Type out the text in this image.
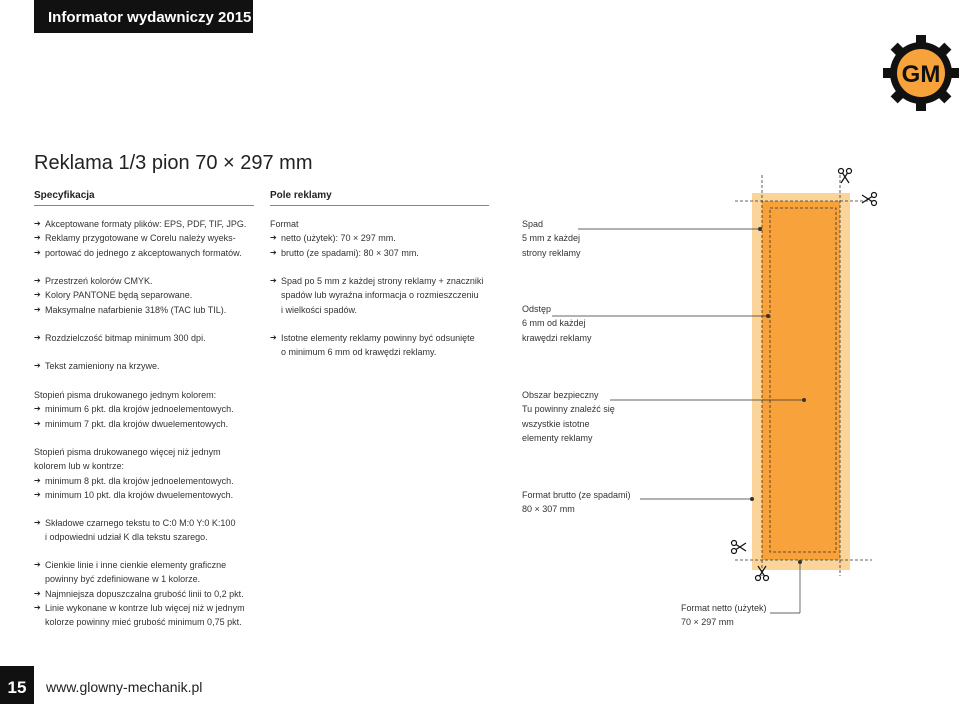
Informator wydawniczy 2015
GM
Reklama 1/3 pion 70 × 297 mm
Specyfikacja	Pole reklamy
➔ Akceptowane formaty plików: EPS, PDF, TIF, JPG.
➔ Reklamy przygotowane w Corelu należy wyeks-
portować do jednego z akceptowanych formatów.
➔ Przestrzeń kolorów CMYK.
➔ Kolory PANTONE będą separowane.
➔ Maksymalne nafarbienie 318% (TAC lub TIL).
➔ Rozdzielczość bitmap minimum 300 dpi.
➔ Tekst zamieniony na krzywe.
Stopień pisma drukowanego jednym kolorem:
➔ minimum 6 pkt. dla krojów jednoelementowych.
➔ minimum 7 pkt. dla krojów dwuelementowych.
Stopień pisma drukowanego więcej niż jednym
kolorem lub w kontrze:
➔ minimum 8 pkt. dla krojów jednoelementowych.
➔ minimum 10 pkt. dla krojów dwuelementowych.
➔ Składowe czarnego tekstu to C:0 M:0 Y:0 K:100
i odpowiedni udział K dla tekstu szarego.
➔ Cienkie linie i inne cienkie elementy graficzne
powinny być zdefiniowane w 1 kolorze.
➔ Najmniejsza dopuszczalna grubość linii to 0,2 pkt.
➔ Linie wykonane w kontrze lub więcej niż w jednym
kolorze powinny mieć grubość minimum 0,75 pkt.
Format
➔ netto (użytek): 70 × 297 mm.
➔ brutto (ze spadami): 80 × 307 mm.
➔ Spad po 5 mm z każdej strony reklamy + znaczniki
spadów lub wyraźna informacja o rozmieszczeniu
i wielkości spadów.
➔ Istotne elementy reklamy powinny być odsunięte
o minimum 6 mm od krawędzi reklamy.
Spad
5 mm z każdej
strony reklamy
Odstęp
6 mm od każdej
krawędzi reklamy
Obszar bezpieczny
Tu powinny znaleźć się
wszystkie istotne
elementy reklamy
Format brutto (ze spadami)
80 × 307 mm
Format netto (użytek)
70 × 297 mm
15	www.glowny-mechanik.pl
